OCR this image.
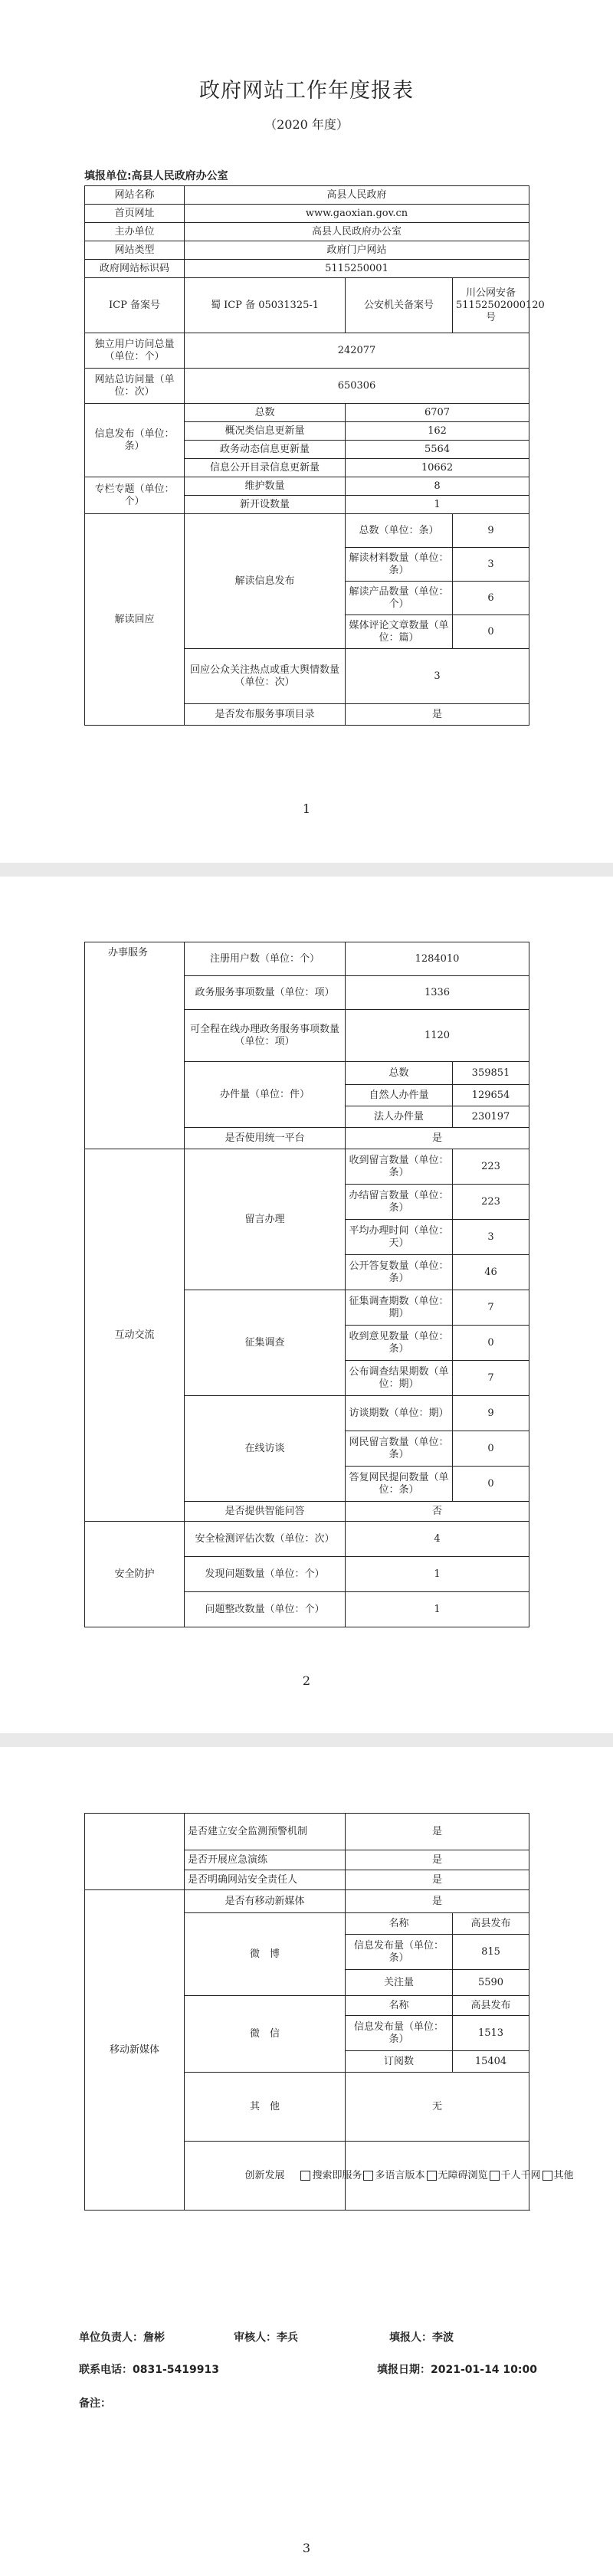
政府网站工作年度报表
（2020 年度）
填报单位:高县人民政府办公室
网站名称	高县人民政府		
首页网址	www.gaoxian.gov.cn		
主办单位	高县人民政府办公室		
网站类型	政府门户网站		
政府网站标识码	5115250001		
ICP 备案号	蜀 ICP 备 05031325-1	公安机关备案号	川公网安备 51152502000120 号
独立用户访问总量（单位：个）	242077		
网站总访问量（单位：次）	650306		
信息发布（单位：条）	总数	6707	
	概况类信息更新量	162	
	政务动态信息更新量	5564	
	信息公开目录信息更新量	10662	
专栏专题（单位：个）	维护数量	8	
	新开设数量	1	
解读回应	解读信息发布	总数（单位：条）	9
		解读材料数量（单位：条）	3
		解读产品数量（单位：个）	6
		媒体评论文章数量（单位：篇）	0
	回应公众关注热点或重大舆情数量（单位：次）	3	
	是否发布服务事项目录	是	
1
办事服务	注册用户数（单位：个）	1284010	
	政务服务事项数量（单位：项）	1336	
	可全程在线办理政务服务事项数量（单位：项）	1120	
	办件量（单位：件）	总数	359851
		自然人办件量	129654
		法人办件量	230197
	是否使用统一平台	是	
互动交流	留言办理	收到留言数量（单位：条）	223
		办结留言数量（单位：条）	223
		平均办理时间（单位：天）	3
		公开答复数量（单位：条）	46
	征集调查	征集调查期数（单位：期）	7
		收到意见数量（单位：条）	0
		公布调查结果期数（单位：期）	7
	在线访谈	访谈期数（单位：期）	9
		网民留言数量（单位：条）	0
		答复网民提问数量（单位：条）	0
	是否提供智能问答	否	
安全防护	安全检测评估次数（单位：次）	4	
	发现问题数量（单位：个）	1	
	问题整改数量（单位：个）	1	
2
	是否建立安全监测预警机制	是	
	是否开展应急演练	是	
	是否明确网站安全责任人	是	
移动新媒体	是否有移动新媒体	是	
	微　博	名称	高县发布
		信息发布量（单位：条）	815
		关注量	5590
	微　信	名称	高县发布
		信息发布量（单位：条）	1513
		订阅数	15404
	其　他	无	
	创新发展	搜索即服务 多语言版本 无障碍浏览 千人千网 其他	
单位负责人：詹彬	审核人：李兵	填报人：李波
联系电话：0831-5419913	填报日期：2021-01-14 10:00
备注：
3
